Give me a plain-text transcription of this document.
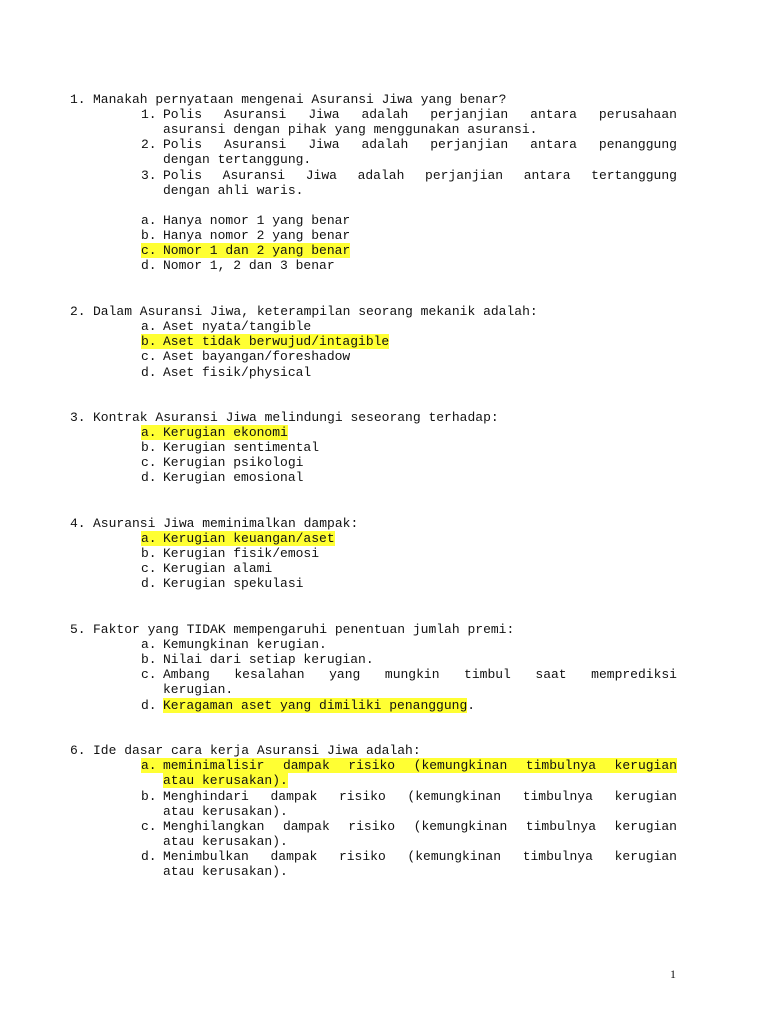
1. Manakah pernyataan mengenai Asuransi Jiwa yang benar?
1. Polis Asuransi Jiwa adalah perjanjian antara perusahaan
asuransi dengan pihak yang menggunakan asuransi.
2. Polis Asuransi Jiwa adalah perjanjian antara penanggung
dengan tertanggung.
3. Polis Asuransi Jiwa adalah perjanjian antara tertanggung
dengan ahli waris.
a. Hanya nomor 1 yang benar
b. Hanya nomor 2 yang benar
c. Nomor 1 dan 2 yang benar
d. Nomor 1, 2 dan 3 benar
2. Dalam Asuransi Jiwa, keterampilan seorang mekanik adalah:
a. Aset nyata/tangible
b. Aset tidak berwujud/intagible
c. Aset bayangan/foreshadow
d. Aset fisik/physical
3. Kontrak Asuransi Jiwa melindungi seseorang terhadap:
a. Kerugian ekonomi
b. Kerugian sentimental
c. Kerugian psikologi
d. Kerugian emosional
4. Asuransi Jiwa meminimalkan dampak:
a. Kerugian keuangan/aset
b. Kerugian fisik/emosi
c. Kerugian alami
d. Kerugian spekulasi
5. Faktor yang TIDAK mempengaruhi penentuan jumlah premi:
a. Kemungkinan kerugian.
b. Nilai dari setiap kerugian.
c. Ambang kesalahan yang mungkin timbul saat memprediksi
kerugian.
d. Keragaman aset yang dimiliki penanggung.
6. Ide dasar cara kerja Asuransi Jiwa adalah:
a. meminimalisir dampak risiko (kemungkinan timbulnya kerugian
atau kerusakan).
b. Menghindari dampak risiko (kemungkinan timbulnya kerugian
atau kerusakan).
c. Menghilangkan dampak risiko (kemungkinan timbulnya kerugian
atau kerusakan).
d. Menimbulkan dampak risiko (kemungkinan timbulnya kerugian
atau kerusakan).
1
